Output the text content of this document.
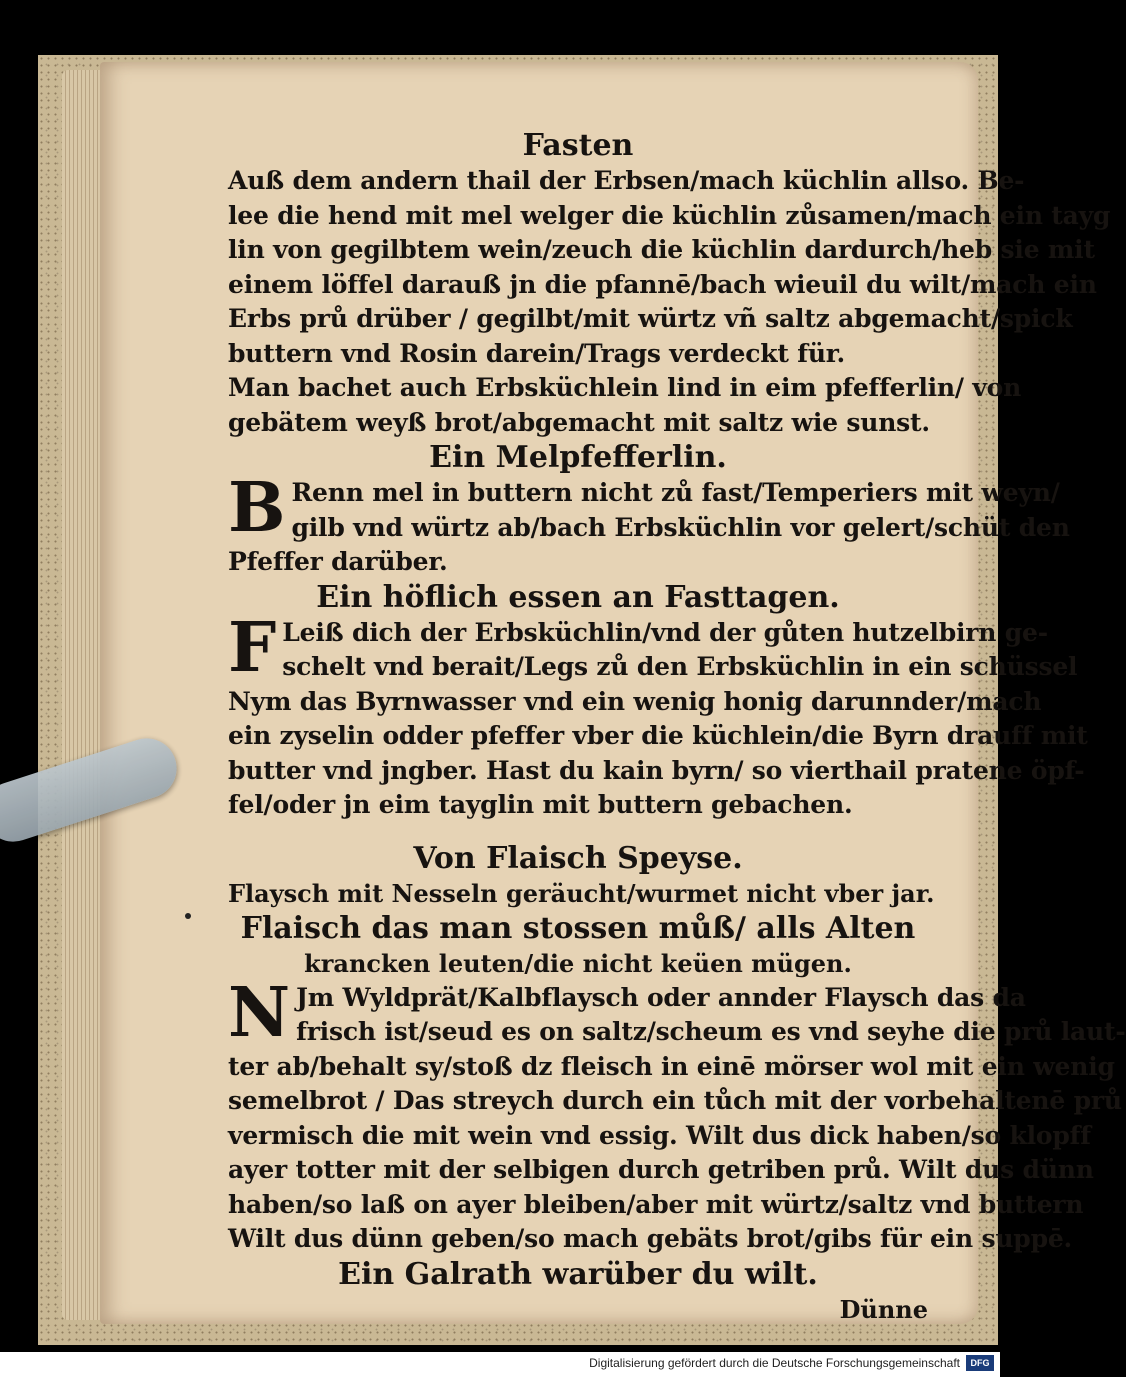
Fasten
Auß dem andern thail der Erbsen/mach küchlin allso. Be-
lee die hend mit mel welger die küchlin zůsamen/mach ein tayg
lin von gegilbtem wein/zeuch die küchlin dardurch/heb sie mit
einem löffel darauß jn die pfannē/bach wieuil du wilt/mach ein
Erbs prů drüber / gegilbt/mit würtz vñ saltz abgemacht/spick
buttern vnd Rosin darein/Trags verdeckt für.
Man bachet auch Erbsküchlein lind in eim pfefferlin/ von
gebätem weyß brot/abgemacht mit saltz wie sunst.
Ein Melpfefferlin.
B Renn mel in buttern nicht zů fast/Temperiers mit weyn/
gilb vnd würtz ab/bach Erbsküchlin vor gelert/schüt den
Pfeffer darüber.
Ein höflich essen an Fasttagen.
F Leiß dich der Erbsküchlin/vnd der gůten hutzelbirn ge-
schelt vnd berait/Legs zů den Erbsküchlin in ein schüssel
Nym das Byrnwasser vnd ein wenig honig darunnder/mach
ein zyselin odder pfeffer vber die küchlein/die Byrn drauff mit
butter vnd jngber. Hast du kain byrn/ so vierthail pratene öpf-
fel/oder jn eim tayglin mit buttern gebachen.
Von Flaisch Speyse.
Flaysch mit Nesseln geräucht/wurmet nicht vber jar.
Flaisch das man stossen můß/ alls Alten
krancken leuten/die nicht keüen mügen.
N Jm Wyldprät/Kalbflaysch oder annder Flaysch das da
frisch ist/seud es on saltz/scheum es vnd seyhe die prů laut-
ter ab/behalt sy/stoß dz fleisch in einē mörser wol mit ein wenig
semelbrot / Das streych durch ein tůch mit der vorbehaltenē prů
vermisch die mit wein vnd essig. Wilt dus dick haben/so klopff
ayer totter mit der selbigen durch getriben prů. Wilt dus dünn
haben/so laß on ayer bleiben/aber mit würtz/saltz vnd buttern
Wilt dus dünn geben/so mach gebäts brot/gibs für ein suppē.
Ein Galrath warüber du wilt.
Dünne
Digitalisierung gefördert durch die Deutsche Forschungsgemeinschaft	DFG
